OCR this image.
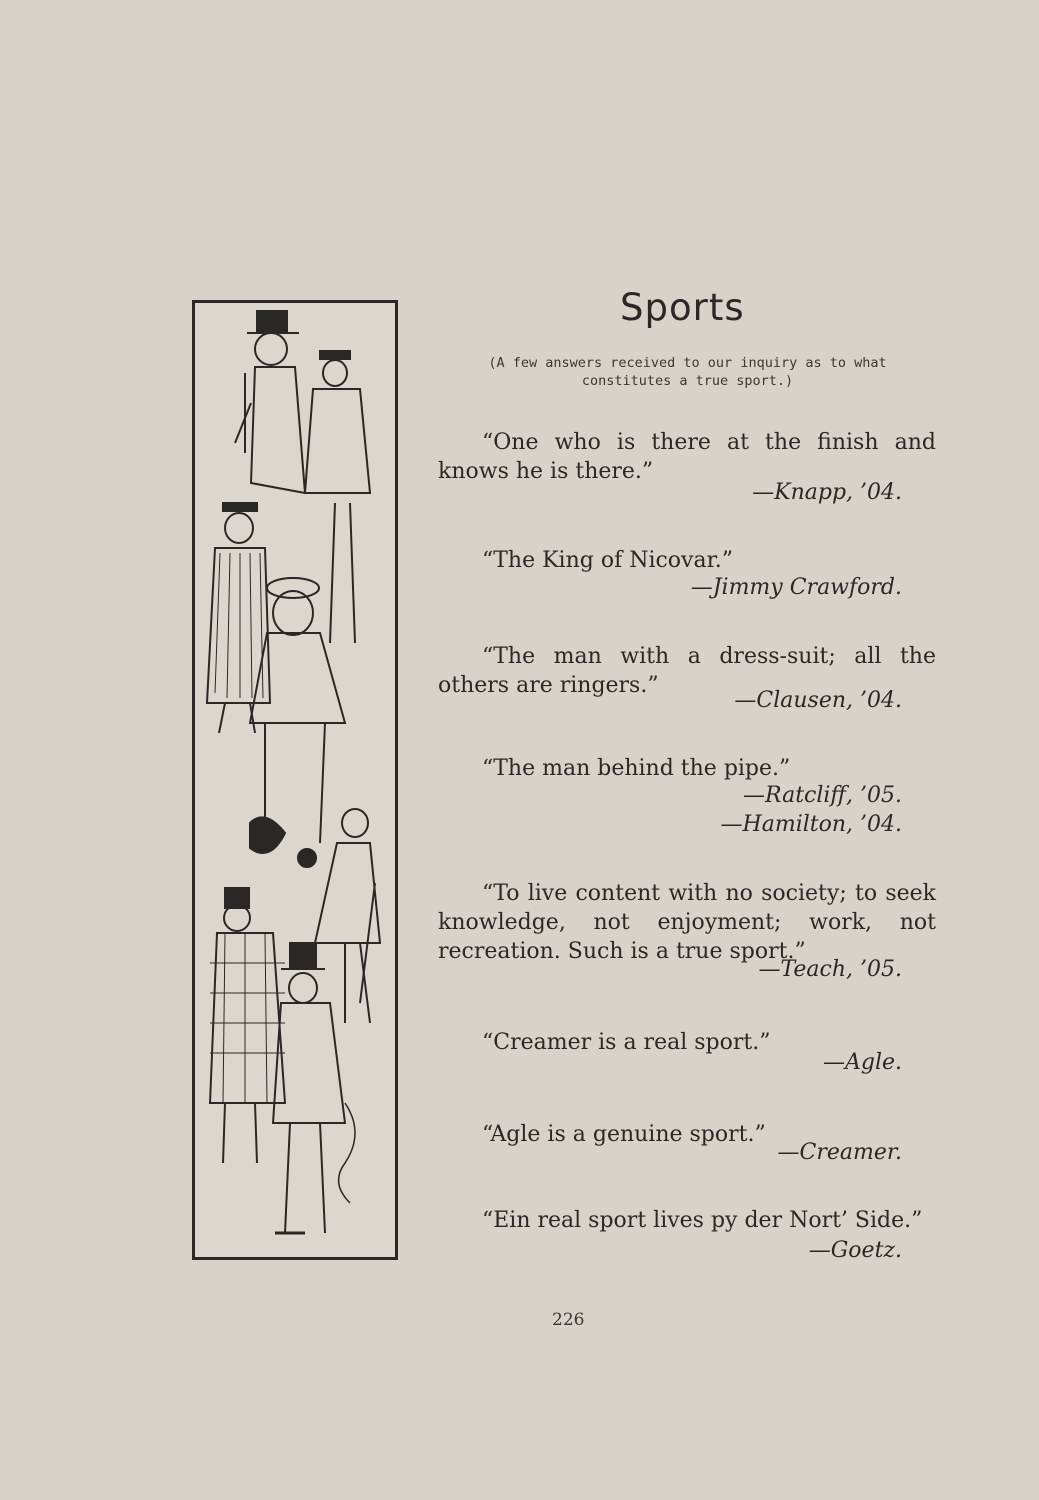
Sports
(A few answers received to our inquiry as to what constitutes a true sport.)
“One who is there at the finish and knows he is there.”
—Knapp, ’04.
“The King of Nicovar.”
—Jimmy Crawford.
“The man with a dress-suit; all the others are ringers.”
—Clausen, ’04.
“The man behind the pipe.”
—Ratcliff, ’05.
—Hamilton, ’04.
“To live content with no society; to seek knowledge, not enjoyment; work, not recreation. Such is a true sport.”
—Teach, ’05.
“Creamer is a real sport.”
—Agle.
“Agle is a genuine sport.”
—Creamer.
“Ein real sport lives py der Nort’ Side.”
—Goetz.
226
